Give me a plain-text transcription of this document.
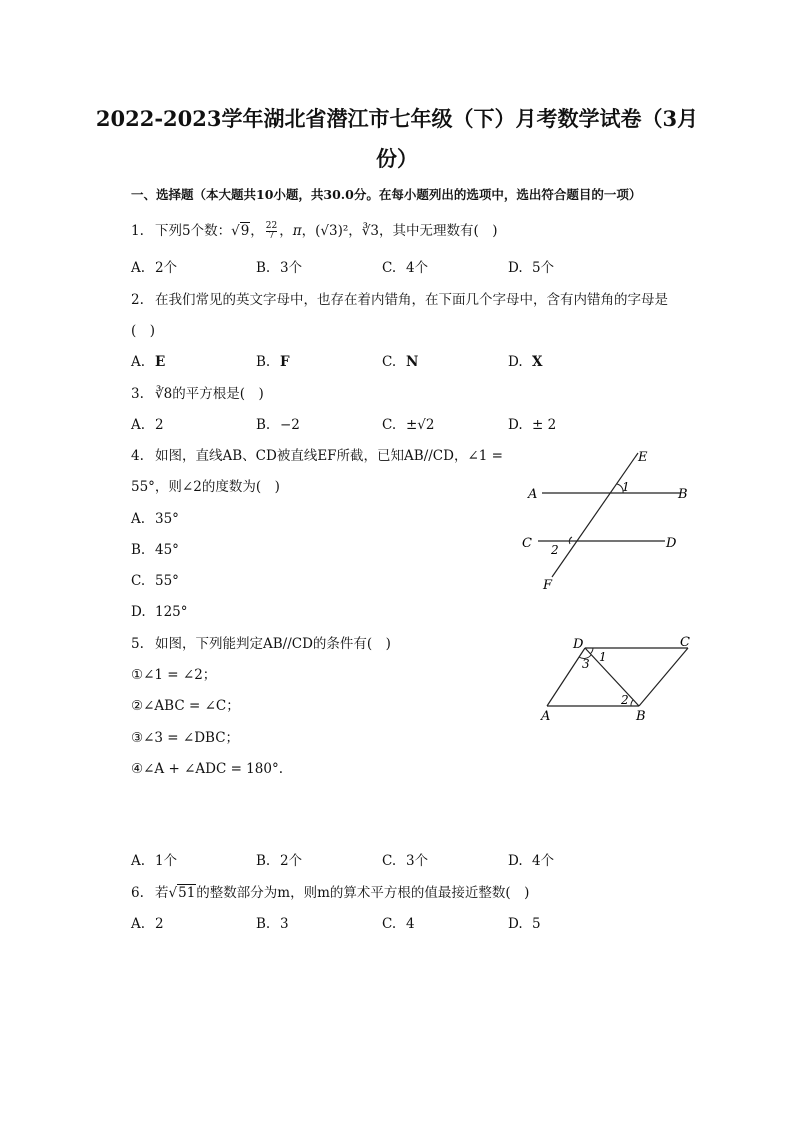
2022-2023学年湖北省潜江市七年级（下）月考数学试卷（3月
份）
一、选择题（本大题共10小题，共30.0分。在每小题列出的选项中，选出符合题目的一项）
1. 下列5个数：√9， $\frac{22}{7}$ ，π，(√3)²，∛3，其中无理数有(　)
A. 2个	B. 3个	C. 4个	D. 5个
2. 在我们常见的英文字母中，也存在着内错角，在下面几个字母中，含有内错角的字母是
(　)
A. E	B. F	C. N	D. X
3. ∛8的平方根是(　)
A. 2	B. −2	C. ±√2	D. ± 2
4. 如图，直线AB、CD被直线EF所截，已知AB//CD，∠1 =
55°，则∠2的度数为(　)
A. 35°
B. 45°
C. 55°
D. 125°
E
A	B
1
C	D
2
F
5. 如图，下列能判定AB//CD的条件有(　)
①∠1 = ∠2；
②∠ABC = ∠C；
③∠3 = ∠DBC；
④∠A + ∠ADC = 180°.
D	C
1
3
2
A	B
A. 1个	B. 2个	C. 3个	D. 4个
6. 若√51的整数部分为m，则m的算术平方根的值最接近整数(　)
A. 2	B. 3	C. 4	D. 5
